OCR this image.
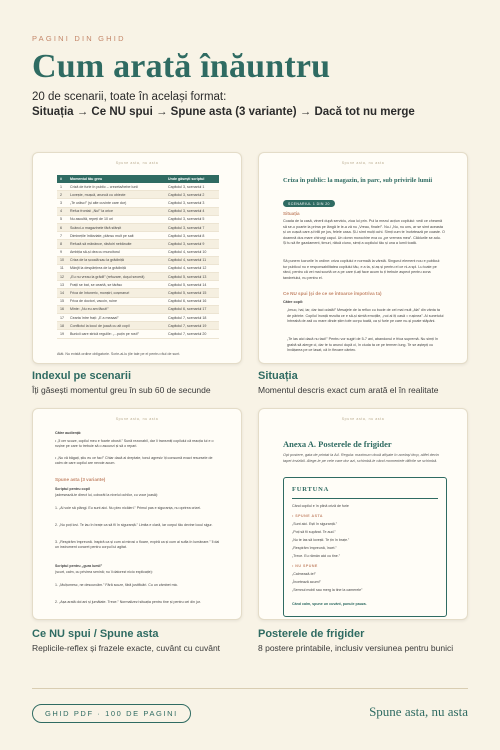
PAGINI DIN GHID
Cum arată înăuntru
20 de scenarii, toate în același format:
Situația → Ce NU spui → Spune asta (3 variante) → Dacă tot nu merge
Spune asta, nu asta
#	Momentul tău greu	Unde găsești scriptul
1	Criză de furie în public – crezeta/bebe lunii	Capitolul 3, scenariul 1
2	Lovește, mușcă, aruncă cu obiecte	Capitolul 3, scenariul 2
3	„Te urăsc!” (și alte cuvinte care dor)	Capitolul 3, scenariul 3
4	Refuz frontal: „Nu!” la orice	Capitolul 3, scenariul 4
5	Nu ascultă, repeți de 10 ori	Capitolul 3, scenariul 5
6	Scânci-o magazinele fără sfârșit	Capitolul 3, scenariul 7
7	Diminețile întârziate, plânsu mult pe salt	Capitolul 3, scenariul 8
8	Refuză să mănânce, răsfoiri nebănuite	Capitolul 3, scenariul 9
9	Ambiția să-și dea cu muncitorul	Capitolul 4, scenariul 10
10	Criza de la școală sau la grădiniță	Capitolul 4, scenariul 11
11	Mânjit la despărțirea de la grădiniță	Capitolul 4, scenariul 12
12	„Eu nu vreau la grădi!” (refuzare, duşul seceră)	Capitolul 5, scenariul 13
13	Frații se bat, se ceartă, se târăsc	Capitolul 5, scenariul 14
14	Frica de întuneric, monștri, coșmaruri	Capitolul 5, scenariul 15
15	Frica de doctori, vaccin, ruine	Capitolul 6, scenariul 16
16	Minte: „Nu eu am făcut!”	Capitolul 6, scenariul 17
17	Cearta între frați: „E a meaaa!”	Capitolul 7, scenariul 18
18	Conflictul la locul de joacă cu alt copil	Capitolul 7, scenariul 19
19	Bunicii care strică regulile: „...puțin pe rost!”	Capitolul 7, scenariul 20
Atât. Nu există ordine obligatorie. Scrie-ai-lu ţile tale pe el pentru răul de sunt.
Indexul pe scenarii
Îți găsești momentul greu în sub 60 de secunde
Spune asta, nu asta
Criza în public: la magazin, în parc, sub privirile lumii
SCENARIUL 1 DIN 20
Situația
Coada de la casă, vinerii după serviciu, ziua lui prin. Pui la mezul acțiun copilului: vedi ce cheamă să se-o poarte la prima pe lângă le le-a zâ nu „Vreau, finale!”. Nu-i „Nu, nu uns, ar se simt aceasta și un cușcă care-și trilii pe jos, felele casa. Și-i simt mulți ochi. Simți cum te învârtează pe coaste. O doamnă dus mare chirurgi capul. Un domn morochire eva cu „pe vremea mea”. Căldurile se adu. Și tu să fie gazdament, timuri, rătuă ciuno, simți a copilului tău și una a lumii toată.
Să punem lucrurile în ordine: criza copilului e normală la vârstă. Singurul element nou e publicul: tur publicul nu e responsabilitatea copilului tău, e a ta, și aș și pentru el ce ni-a spl. Lu toate pe rând, pentru că vei mai scurtă ce a pe care ți-ați face acum tu ți trebuie aspect pentru zona tandretului, nu pentru el.
Ce NU spui (și de ce se întoarce împotriva ta)
Către copil:
„Imuo, hai, iar, dar taci odată!” Mesajele de la reflux cu bucle de cel mai mult „ăla” din vânta ta de părinte. Copilul învață rezulta ce e să-și simtă emoțiile, „noi ai îți casă = rușinea”. Al sunetului întreabă de asii cu mare dinde știm tofe corpu toată, ca și furie pe care nu-și poate stăpâni.
„Te las aici dacă nu taci!” Pentru vor sugiri de 5-7 ani, abandonul e frica supremă. Nu simți în grabă să alerge ci, dar te tu arunci după ci, în ciuda ta ce pe termen lung. Te se aștepți cu învățarea pe ce lasat, că în fiecare cântec.
Situația
Momentul descris exact cum arată el în realitate
Spune asta, nu asta
Către audiență:
• „Îi cer scuze, copilul meu e foarte obosit.” Sună rezonabil, dar îi transmiți copilului că reacția lui e o rușine pe care tu trebuie să o ascunzi și să o repari.
• „Nu vă băgați, știu eu ce fac!” Chiar dacă ai dreptate, tonul agresiv îți consumă exact resursele de calm de care copilul are nevoie acum.
Spune asta (3 variante)
Scriptul pentru copil
(adresează-te direct lui, coborât la nivelul ochilor, cu voce joasă):
1. „Ai voie să plângi. Eu sunt aici. Nu plec nicăieri.” Primul pas e siguranța, nu oprirea crizei.
2. „Nu poți lovi. Te iau în brațe ca să fii în siguranță.” Limita e clară, iar corpul tău devine locul sigur.
3. „Respirăm împreună. Inspiră ca și cum ai mirosi o floare, expiră ca și cum ai sufla în lumânare.” Îi dai un instrument concret pentru corpul lui agitat.
Scriptul pentru „gura lumii”
(scurt, calm, cu privirea senină; nu îi datorezi nicio explicație):
1. „Mulțumesc, ne descurcăm.” Fără scuze, fără justificări. Cu un zâmbet mic.
2. „Așa arată doi ani și jumătate. Trece.” Normalizezi situația pentru tine și pentru cei din jur.
Ce NU spui / Spune asta
Replicile-reflex și frazele exacte, cuvânt cu cuvânt
Spune asta, nu asta
Anexa A. Posterele de frigider
Opt postere, gata de printat la A4. Regula: maximum două afișate în același timp, altfel devin tapet invizibil. Alege-le pe cele care dor azi, schimbă-le când momentele dificile se schimbă.
FURTUNA
Când copilul e în plină criză de furie
• SPUNE ASTA
„Sunt aici. Ești în siguranță.”
„Poți să fii supărat. Te aud.”
„Nu te las să lovești. Te țin în brațe.”
„Respirăm împreună, încet.”
„Trece. Eu rămân aici cu tine.”
• NU SPUNE
„Calmează-te!”
„Încetează acum!”
„Semnul mobil sau merg la tine la camerele”
Când calm, spune un cuvânt, punule pauza.
Posterele de frigider
8 postere printabile, inclusiv versiunea pentru bunici
GHID PDF · 100 DE PAGINI	Spune asta, nu asta
